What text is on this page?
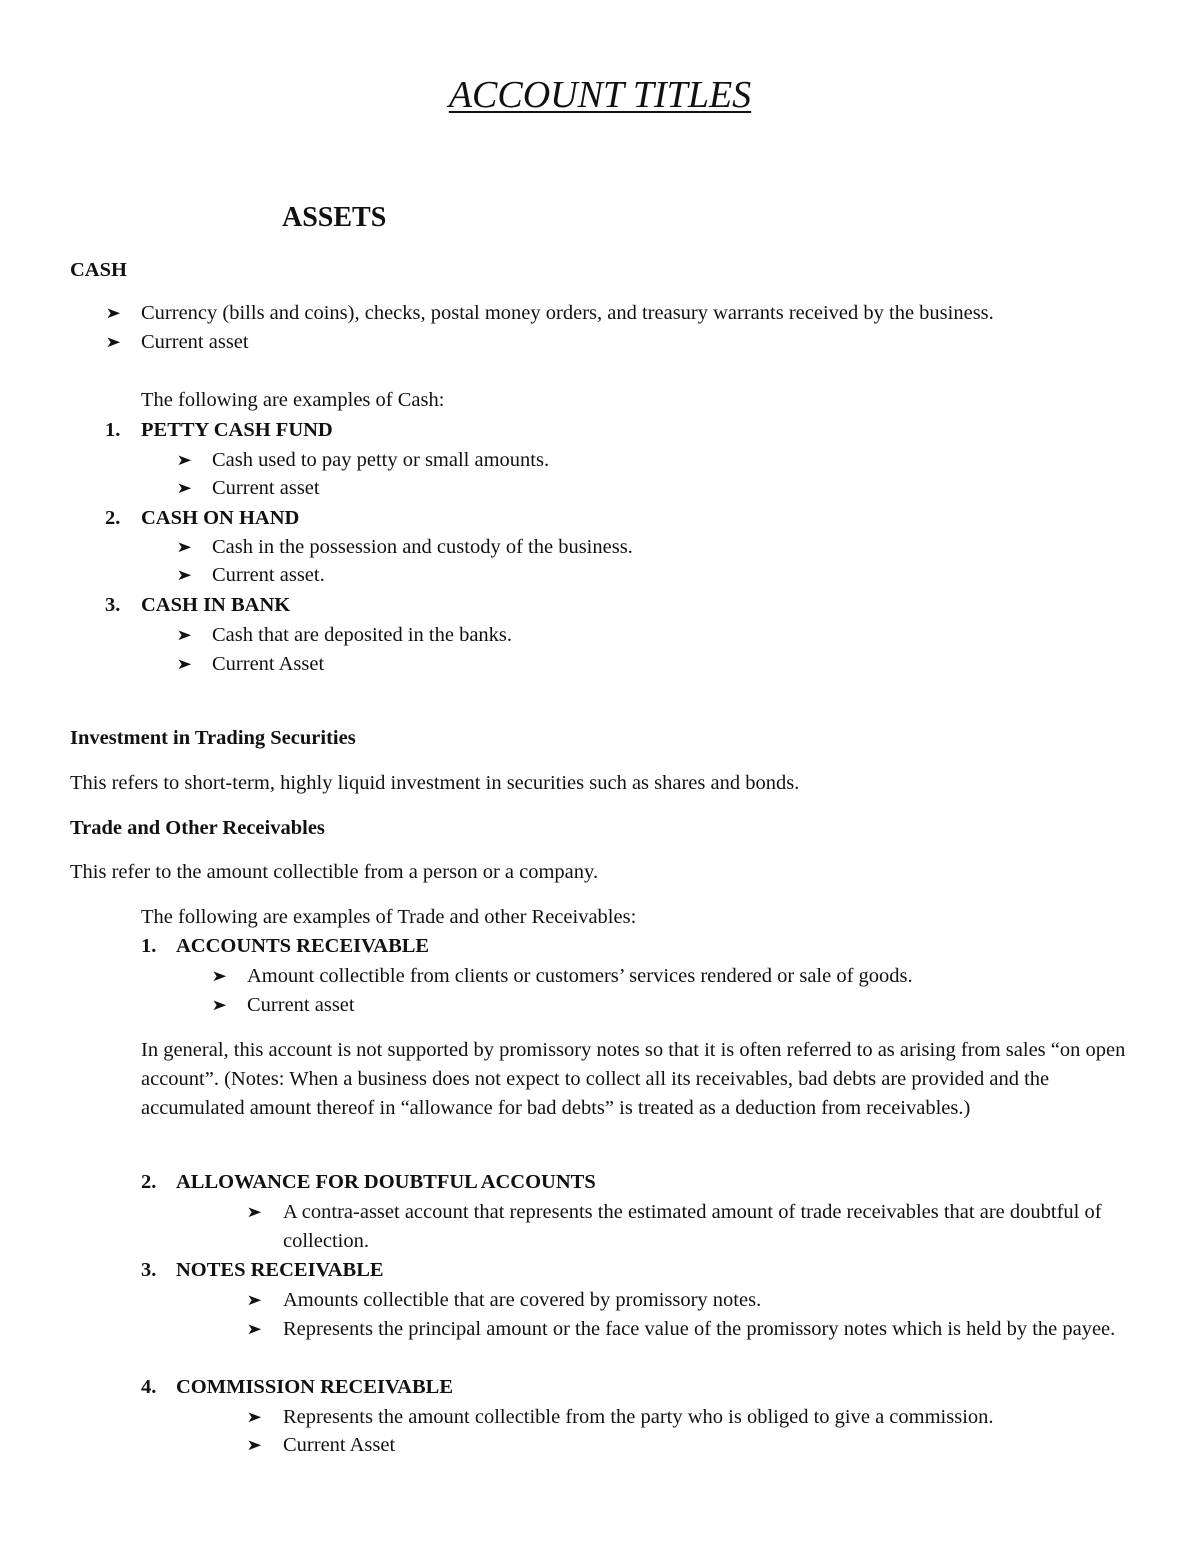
ACCOUNT TITLES
ASSETS
CASH
➤ Currency (bills and coins), checks, postal money orders, and treasury warrants received by the business.
➤ Current asset
The following are examples of Cash:
1. PETTY CASH FUND
➤ Cash used to pay petty or small amounts.
➤ Current asset
2. CASH ON HAND
➤ Cash in the possession and custody of the business.
➤ Current asset.
3. CASH IN BANK
➤ Cash that are deposited in the banks.
➤ Current Asset
Investment in Trading Securities
This refers to short-term, highly liquid investment in securities such as shares and bonds.
Trade and Other Receivables
This refer to the amount collectible from a person or a company.
The following are examples of Trade and other Receivables:
1. ACCOUNTS RECEIVABLE
➤ Amount collectible from clients or customers’ services rendered or sale of goods.
➤ Current asset
In general, this account is not supported by promissory notes so that it is often referred to as arising from sales “on open account”. (Notes: When a business does not expect to collect all its receivables, bad debts are provided and the accumulated amount thereof in “allowance for bad debts” is treated as a deduction from receivables.)
2. ALLOWANCE FOR DOUBTFUL ACCOUNTS
➤ A contra-asset account that represents the estimated amount of trade receivables that are doubtful of collection.
3. NOTES RECEIVABLE
➤ Amounts collectible that are covered by promissory notes.
➤ Represents the principal amount or the face value of the promissory notes which is held by the payee.
4. COMMISSION RECEIVABLE
➤ Represents the amount collectible from the party who is obliged to give a commission.
➤ Current Asset
